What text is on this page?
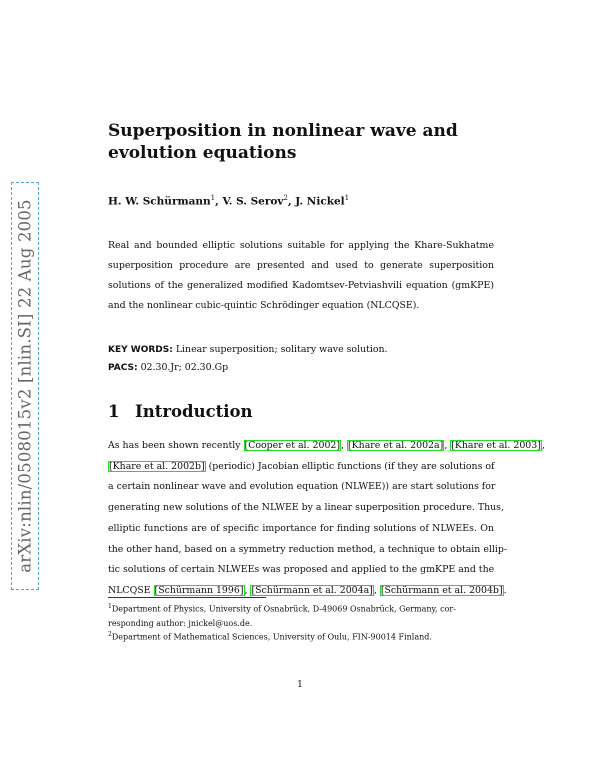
arXiv:nlin/0508015v2 [nlin.SI] 22 Aug 2005
Superposition in nonlinear wave and evolution equations
H. W. Schürmann$^1$, V. S. Serov$^2$, J. Nickel$^1$

Real and bounded elliptic solutions suitable for applying the Khare-Sukhatme superposition procedure are presented and used to generate superposition solutions of the generalized modified Kadomtsev-Petviashvili equation (gmKPE) and the nonlinear cubic-quintic Schrödinger equation (NLCQSE).

KEY WORDS: Linear superposition; solitary wave solution.
PACS: 02.30.Jr; 02.30.Gp
1 Introduction
As has been shown recently [Cooper et al. 2002], [Khare et al. 2002a], [Khare et al. 2003],
[Khare et al. 2002b] (periodic) Jacobian elliptic functions (if they are solutions of
a certain nonlinear wave and evolution equation (NLWEE)) are start solutions for
generating new solutions of the NLWEE by a linear superposition procedure. Thus,
elliptic functions are of specific importance for finding solutions of NLWEEs. On
the other hand, based on a symmetry reduction method, a technique to obtain ellip-
tic solutions of certain NLWEEs was proposed and applied to the gmKPE and the
NLCQSE [Schürmann 1996], [Schürmann et al. 2004a], [Schürmann et al. 2004b].
$^1$Department of Physics, University of Osnabrück, D-49069 Osnabrück, Germany, cor-
responding author: jnickel@uos.de.
$^2$Department of Mathematical Sciences, University of Oulu, FIN-90014 Finland.
1
